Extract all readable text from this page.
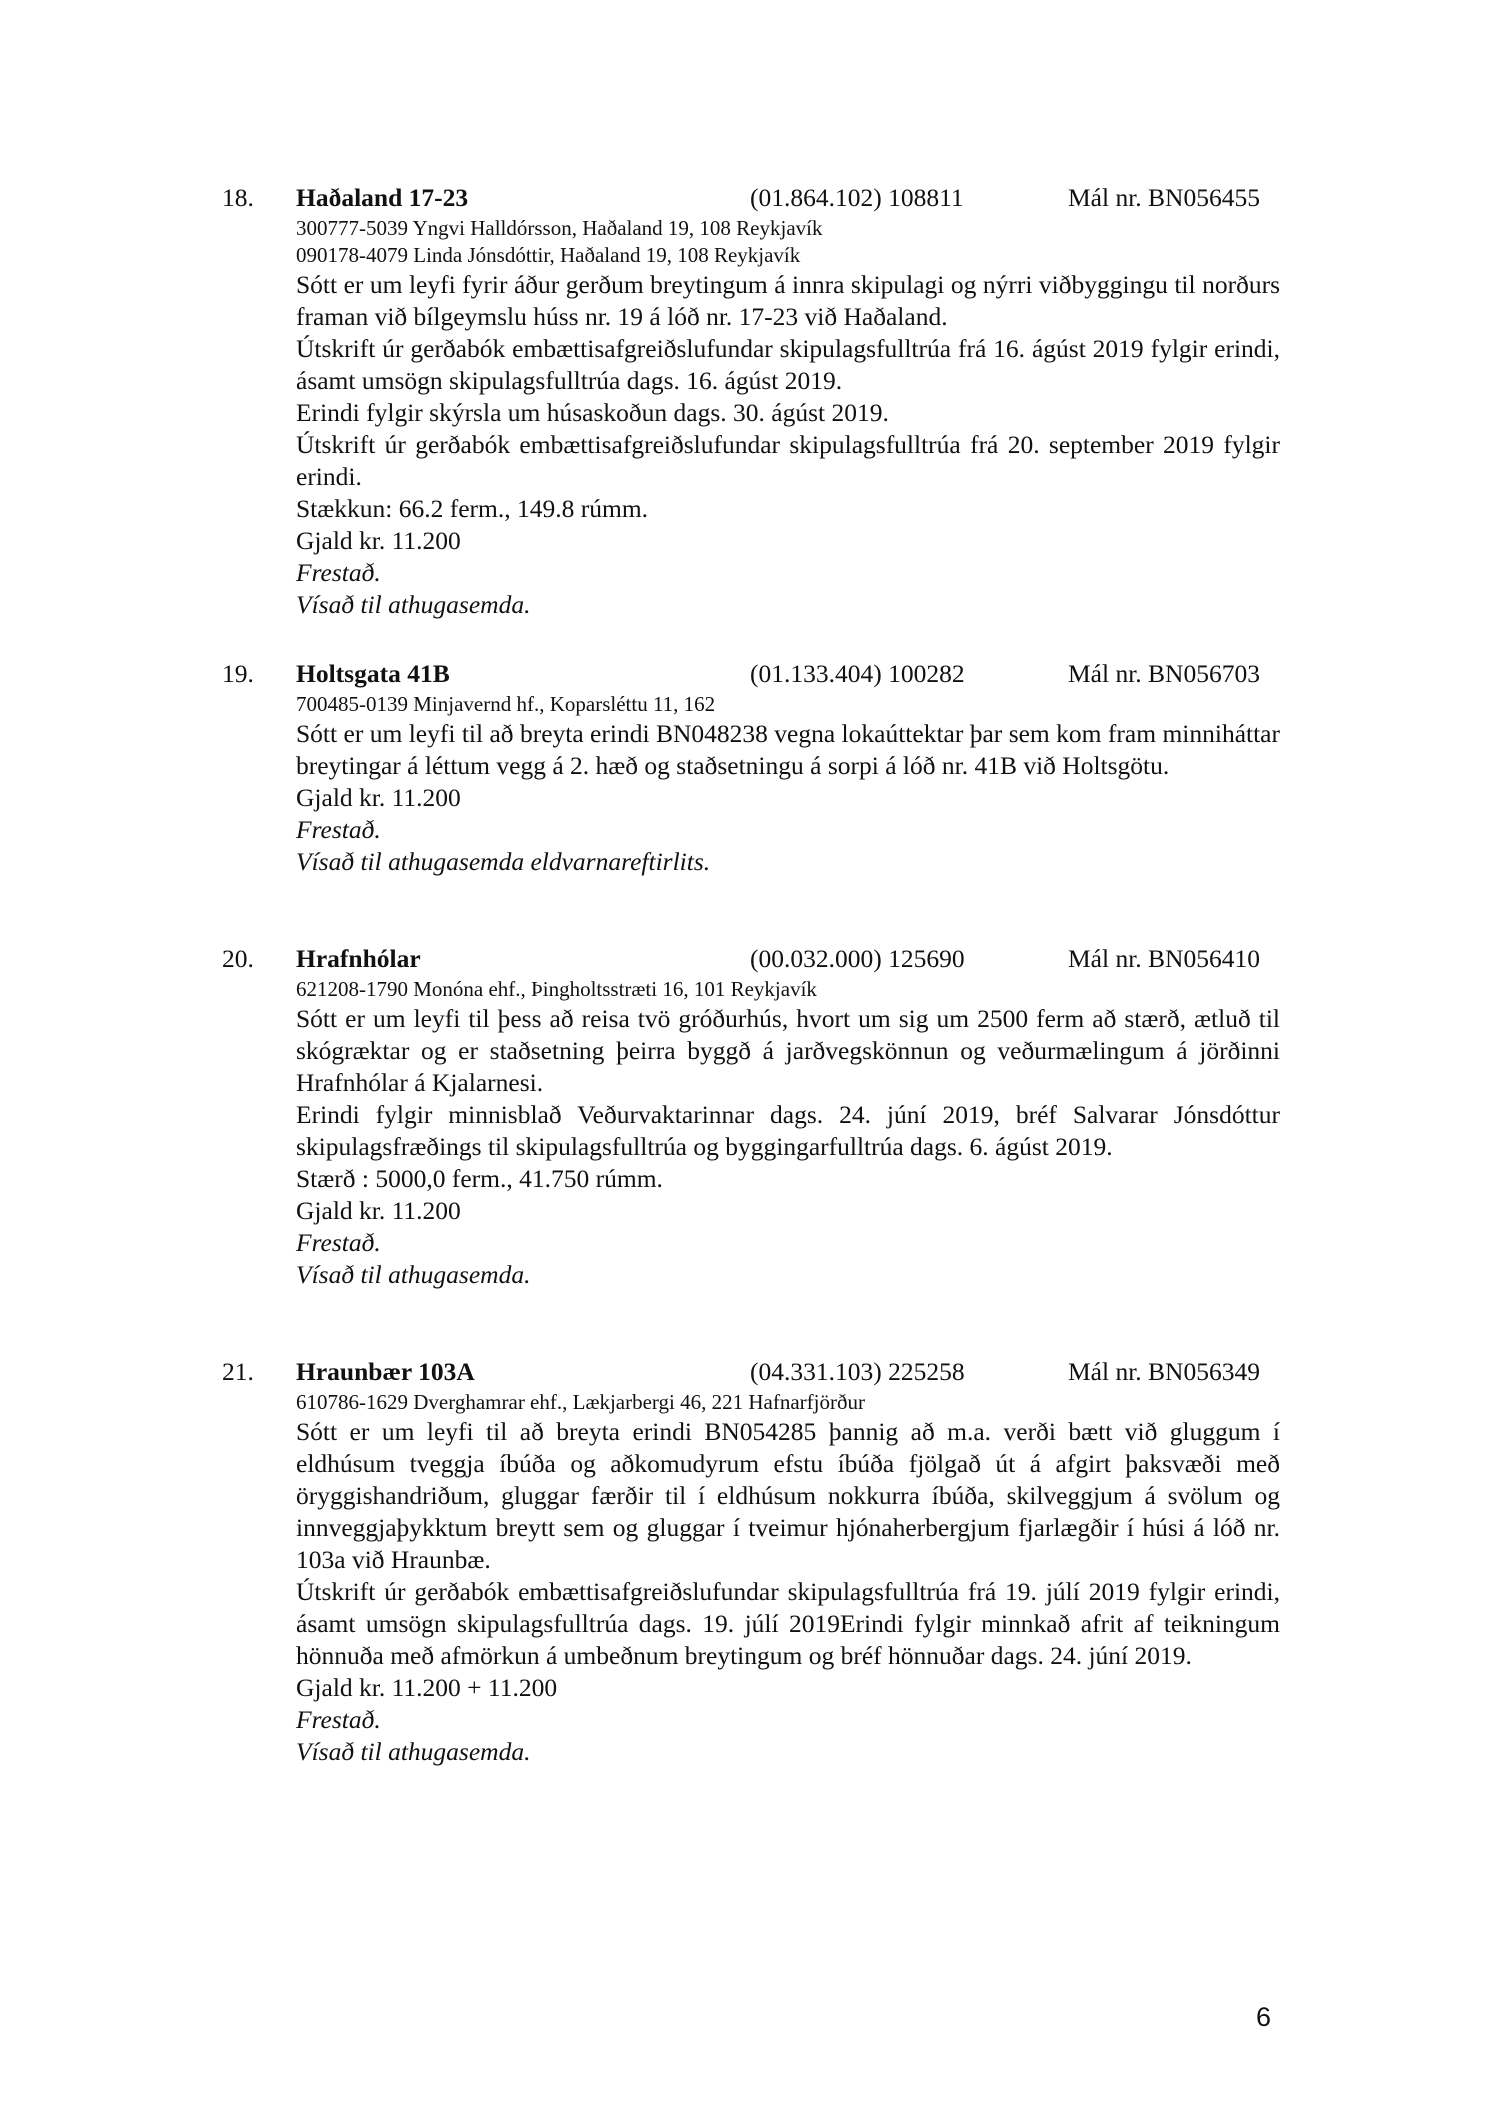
18. Haðaland 17-23	(01.864.102) 108811	Mál nr. BN056455
300777-5039 Yngvi Halldórsson, Haðaland 19, 108 Reykjavík
090178-4079 Linda Jónsdóttir, Haðaland 19, 108 Reykjavík
Sótt er um leyfi fyrir áður gerðum breytingum á innra skipulagi og nýrri viðbyggingu til norðurs framan við bílgeymslu húss nr. 19 á lóð nr. 17-23 við Haðaland.
Útskrift úr gerðabók embættisafgreiðslufundar skipulagsfulltrúa frá 16. ágúst 2019 fylgir erindi, ásamt umsögn skipulagsfulltrúa dags. 16. ágúst 2019.
Erindi fylgir skýrsla um húsaskoðun dags. 30. ágúst 2019.
Útskrift úr gerðabók embættisafgreiðslufundar skipulagsfulltrúa frá 20. september 2019 fylgir erindi.
Stækkun: 66.2 ferm., 149.8 rúmm.
Gjald kr. 11.200
Frestað.
Vísað til athugasemda.
19. Holtsgata 41B	(01.133.404) 100282	Mál nr. BN056703
700485-0139 Minjavernd hf., Koparsléttu 11, 162
Sótt er um leyfi til að breyta erindi BN048238 vegna lokaúttektar þar sem kom fram minniháttar breytingar á léttum vegg á 2. hæð og staðsetningu á sorpi á lóð nr. 41B við Holtsgötu.
Gjald kr. 11.200
Frestað.
Vísað til athugasemda eldvarnareftirlits.
20. Hrafnhólar	(00.032.000) 125690	Mál nr. BN056410
621208-1790 Monóna ehf., Þingholtsstræti 16, 101 Reykjavík
Sótt er um leyfi til þess að reisa tvö gróðurhús, hvort um sig um 2500 ferm að stærð, ætluð til skógræktar og er staðsetning þeirra byggð á jarðvegskönnun og veðurmælingum á jörðinni Hrafnhólar á Kjalarnesi.
Erindi fylgir minnisblað Veðurvaktarinnar dags. 24. júní 2019, bréf Salvarar Jónsdóttur skipulagsfræðings til skipulagsfulltrúa og byggingarfulltrúa dags. 6. ágúst 2019.
Stærð : 5000,0 ferm., 41.750 rúmm.
Gjald kr. 11.200
Frestað.
Vísað til athugasemda.
21. Hraunbær 103A	(04.331.103) 225258	Mál nr. BN056349
610786-1629 Dverghamrar ehf., Lækjarbergi 46, 221 Hafnarfjörður
Sótt er um leyfi til að breyta erindi BN054285 þannig að m.a. verði bætt við gluggum í eldhúsum tveggja íbúða og aðkomudyrum efstu íbúða fjölgað út á afgirt þaksvæði með öryggishandriðum, gluggar færðir til í eldhúsum nokkurra íbúða, skilveggjum á svölum og innveggjaþykktum breytt sem og gluggar í tveimur hjónaherbergjum fjarlægðir í húsi á lóð nr. 103a við Hraunbæ.
Útskrift úr gerðabók embættisafgreiðslufundar skipulagsfulltrúa frá 19. júlí 2019 fylgir erindi, ásamt umsögn skipulagsfulltrúa dags. 19. júlí 2019Erindi fylgir minnkað afrit af teikningum hönnuða með afmörkun á umbeðnum breytingum og bréf hönnuðar dags. 24. júní 2019.
Gjald kr. 11.200 + 11.200
Frestað.
Vísað til athugasemda.
6
